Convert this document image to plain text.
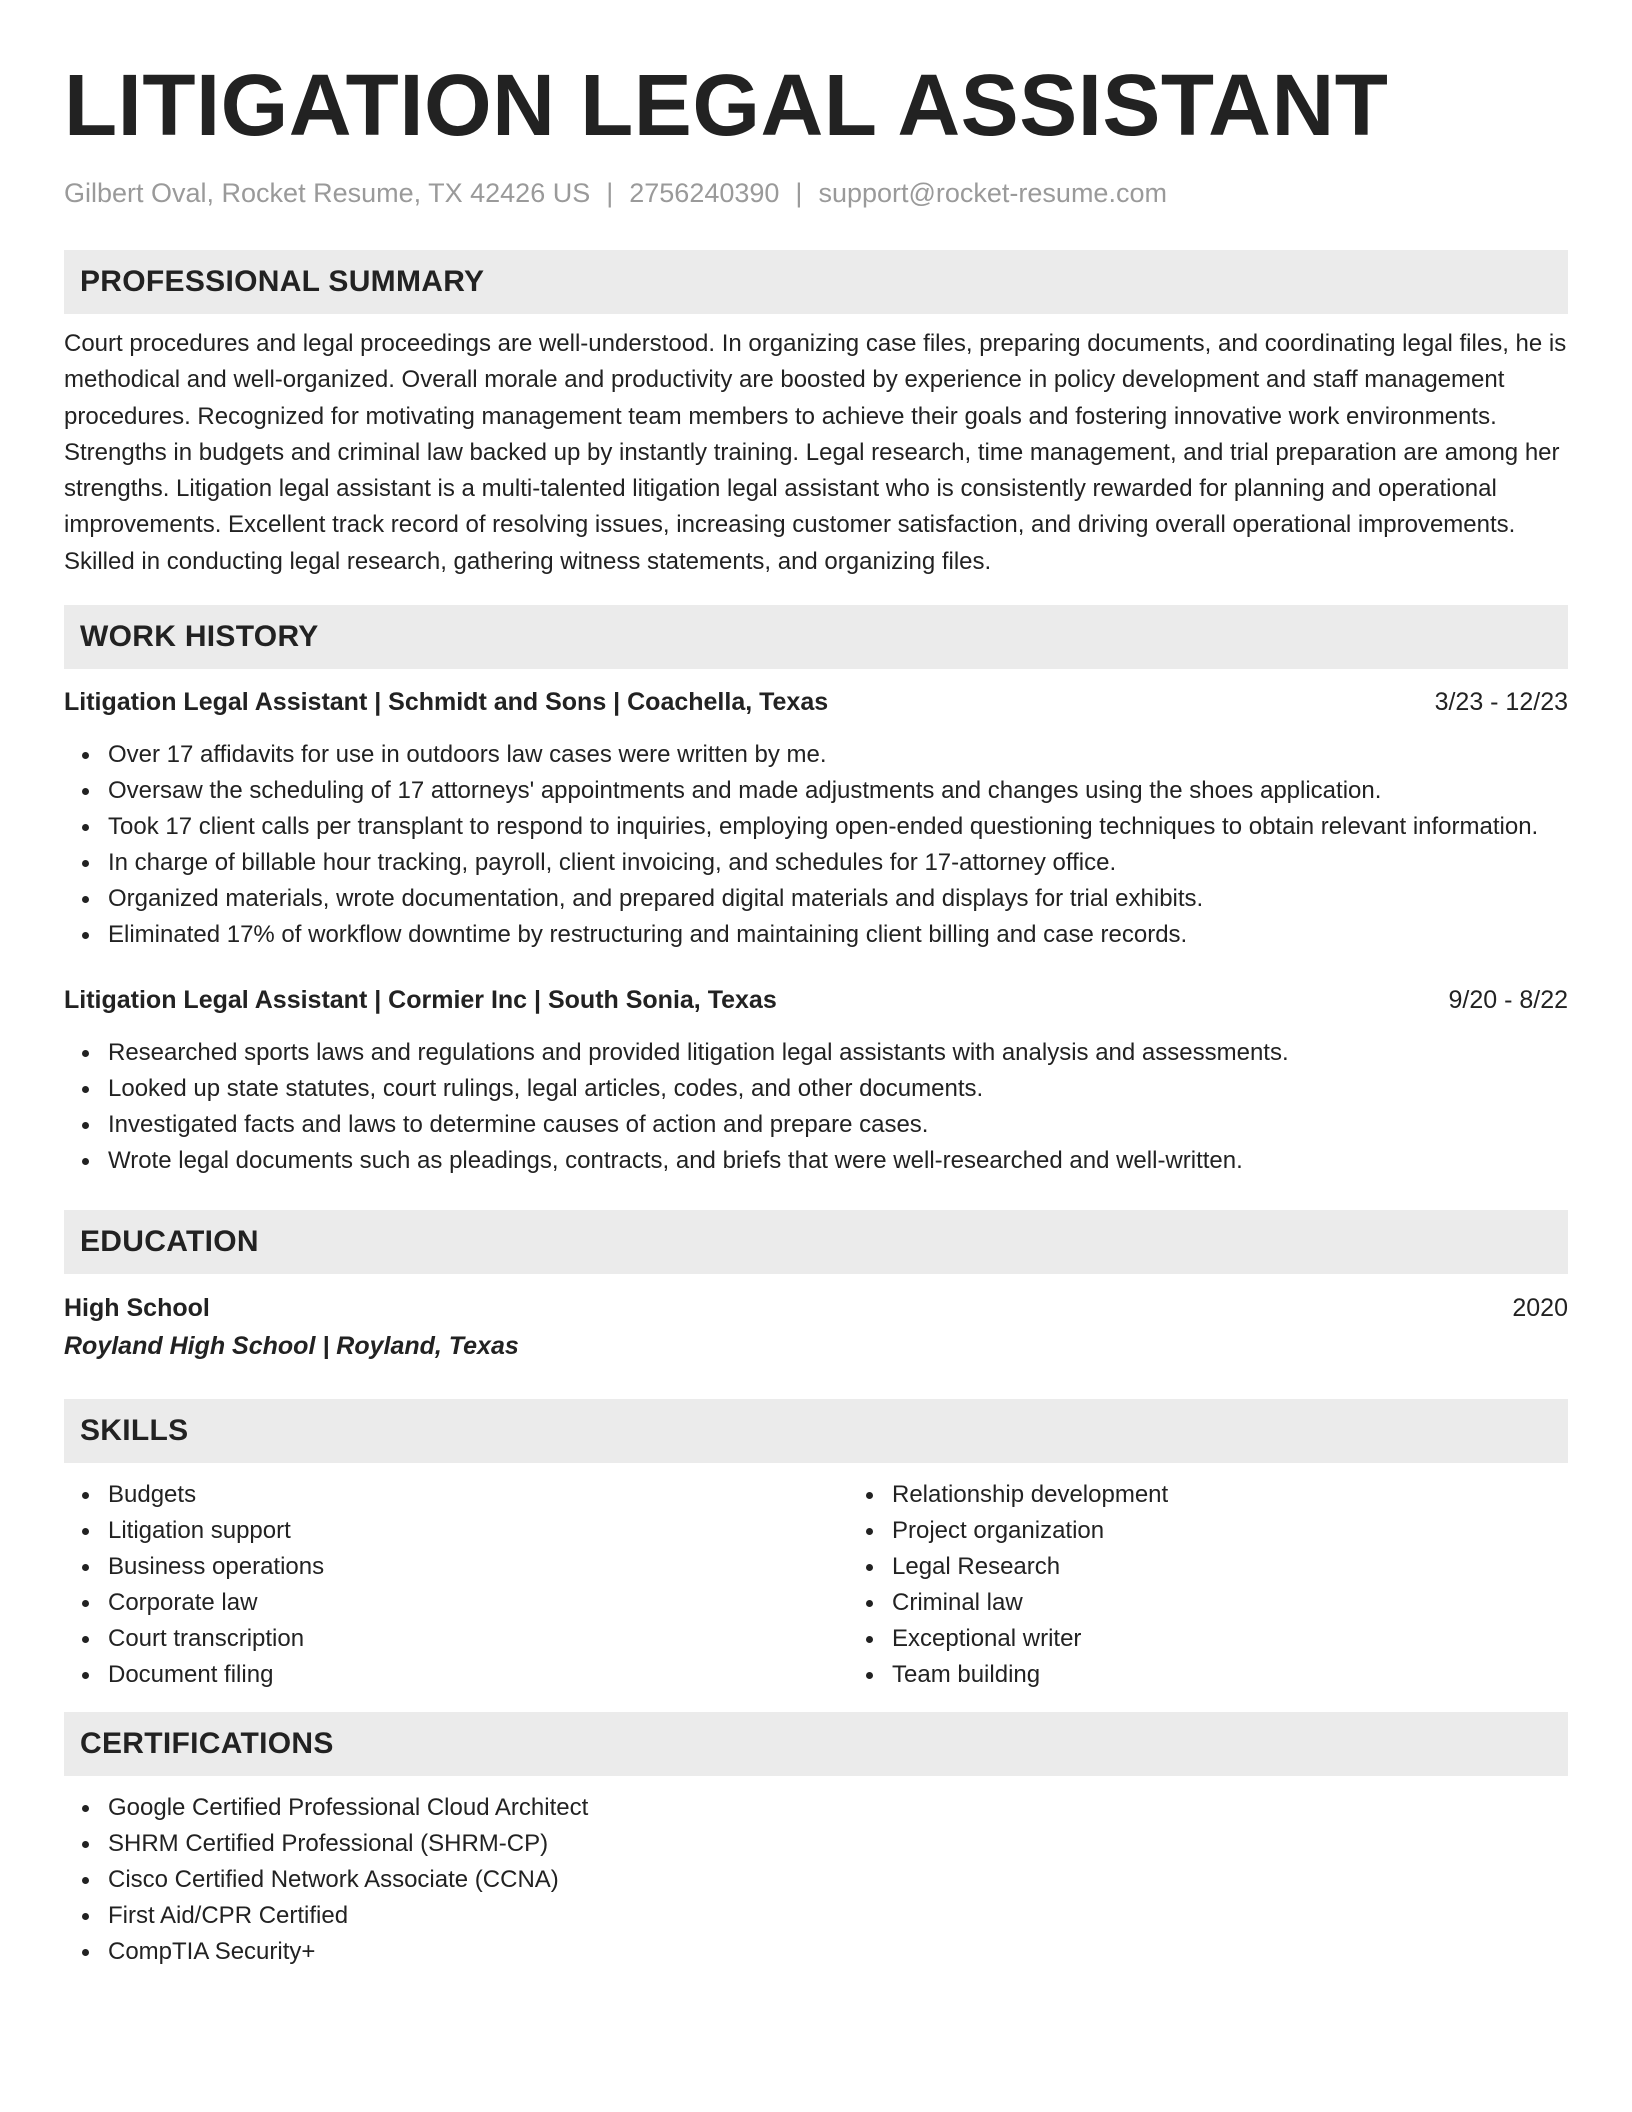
LITIGATION LEGAL ASSISTANT
Gilbert Oval, Rocket Resume, TX 42426 US | 2756240390 | support@rocket-resume.com
PROFESSIONAL SUMMARY

Court procedures and legal proceedings are well-understood. In organizing case files, preparing documents, and coordinating legal files, he is methodical and well-organized. Overall morale and productivity are boosted by experience in policy development and staff management procedures. Recognized for motivating management team members to achieve their goals and fostering innovative work environments. Strengths in budgets and criminal law backed up by instantly training. Legal research, time management, and trial preparation are among her strengths. Litigation legal assistant is a multi-talented litigation legal assistant who is consistently rewarded for planning and operational improvements. Excellent track record of resolving issues, increasing customer satisfaction, and driving overall operational improvements. Skilled in conducting legal research, gathering witness statements, and organizing files.

WORK HISTORY
Litigation Legal Assistant | Schmidt and Sons | Coachella, Texas	3/23 - 12/23
Over 17 affidavits for use in outdoors law cases were written by me.
Oversaw the scheduling of 17 attorneys' appointments and made adjustments and changes using the shoes application.
Took 17 client calls per transplant to respond to inquiries, employing open-ended questioning techniques to obtain relevant information.
In charge of billable hour tracking, payroll, client invoicing, and schedules for 17-attorney office.
Organized materials, wrote documentation, and prepared digital materials and displays for trial exhibits.
Eliminated 17% of workflow downtime by restructuring and maintaining client billing and case records.
Litigation Legal Assistant | Cormier Inc | South Sonia, Texas	9/20 - 8/22
Researched sports laws and regulations and provided litigation legal assistants with analysis and assessments.
Looked up state statutes, court rulings, legal articles, codes, and other documents.
Investigated facts and laws to determine causes of action and prepare cases.
Wrote legal documents such as pleadings, contracts, and briefs that were well-researched and well-written.
EDUCATION
High School	2020
Royland High School | Royland, Texas
SKILLS
Budgets
Litigation support
Business operations
Corporate law
Court transcription
Document filing
Relationship development
Project organization
Legal Research
Criminal law
Exceptional writer
Team building
CERTIFICATIONS
Google Certified Professional Cloud Architect
SHRM Certified Professional (SHRM-CP)
Cisco Certified Network Associate (CCNA)
First Aid/CPR Certified
CompTIA Security+
